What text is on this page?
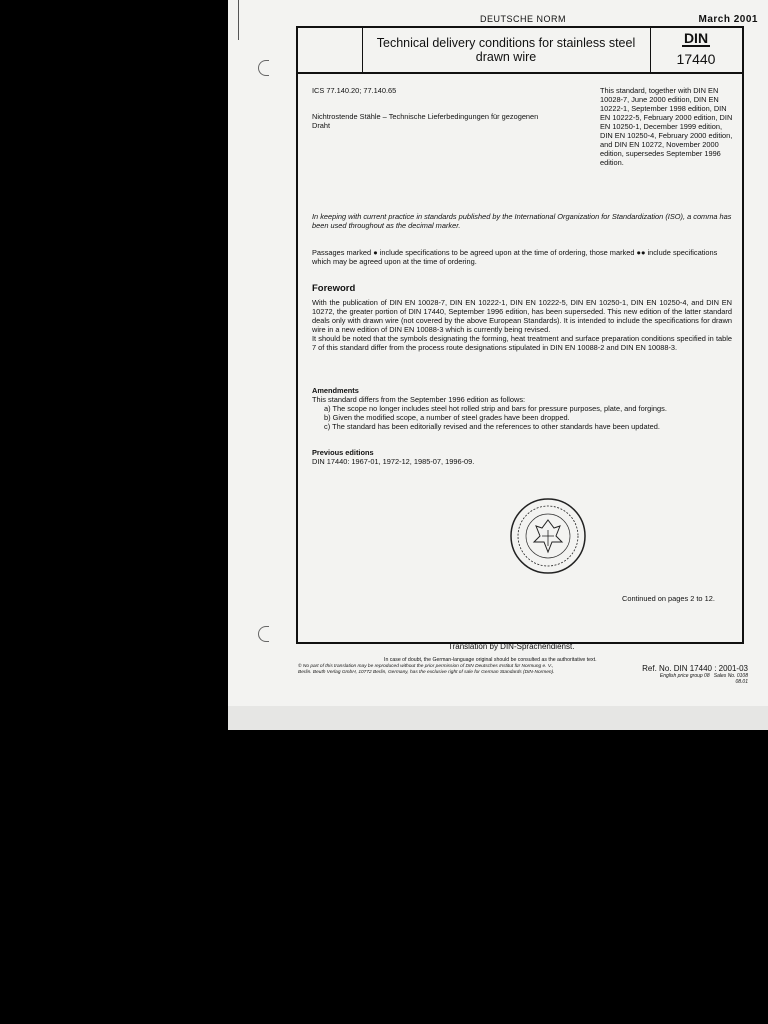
DEUTSCHE NORM	March 2001
Technical delivery conditions for stainless steel
drawn wire
DIN
17440
ICS 77.140.20; 77.140.65
Nichtrostende Stähle – Technische Lieferbedingungen für gezogenen Draht
This standard, together with DIN EN 10028-7, June 2000 edition, DIN EN 10222-1, September 1998 edition, DIN EN 10222-5, February 2000 edition, DIN EN 10250-1, December 1999 edition, DIN EN 10250-4, February 2000 edition, and DIN EN 10272, November 2000 edition, supersedes September 1996 edition.
In keeping with current practice in standards published by the International Organization for Standardization (ISO), a comma has been used throughout as the decimal marker.
Passages marked ● include specifications to be agreed upon at the time of ordering, those marked ●● include specifications which may be agreed upon at the time of ordering.
Foreword

With the publication of DIN EN 10028-7, DIN EN 10222-1, DIN EN 10222-5, DIN EN 10250-1, DIN EN 10250-4, and DIN EN 10272, the greater portion of DIN 17440, September 1996 edition, has been superseded. This new edition of the latter standard deals only with drawn wire (not covered by the above European Standards). It is intended to include the specifications for drawn wire in a new edition of DIN EN 10088-3 which is currently being revised.

It should be noted that the symbols designating the forming, heat treatment and surface preparation conditions specified in table 7 of this standard differ from the process route designations stipulated in DIN EN 10088-2 and DIN EN 10088-3.

Amendments
This standard differs from the September 1996 edition as follows:
a) The scope no longer includes steel hot rolled strip and bars for pressure purposes, plate, and forgings.
b) Given the modified scope, a number of steel grades have been dropped.
c) The standard has been editorially revised and the references to other standards have been updated.
Previous editions
DIN 17440: 1967-01, 1972-12, 1985-07, 1996-09.
Continued on pages 2 to 12.
Translation by DIN-Sprachendienst.
In case of doubt, the German-language original should be consulted as the authoritative text.
© No part of this translation may be reproduced without the prior permission of DIN Deutsches Institut für Normung e. V., Berlin. Beuth Verlag GmbH, 10772 Berlin, Germany, has the exclusive right of sale for German Standards (DIN-Normen).	Ref. No. DIN 17440 : 2001-03
English price group 08 Sales No. 0108
08.01
